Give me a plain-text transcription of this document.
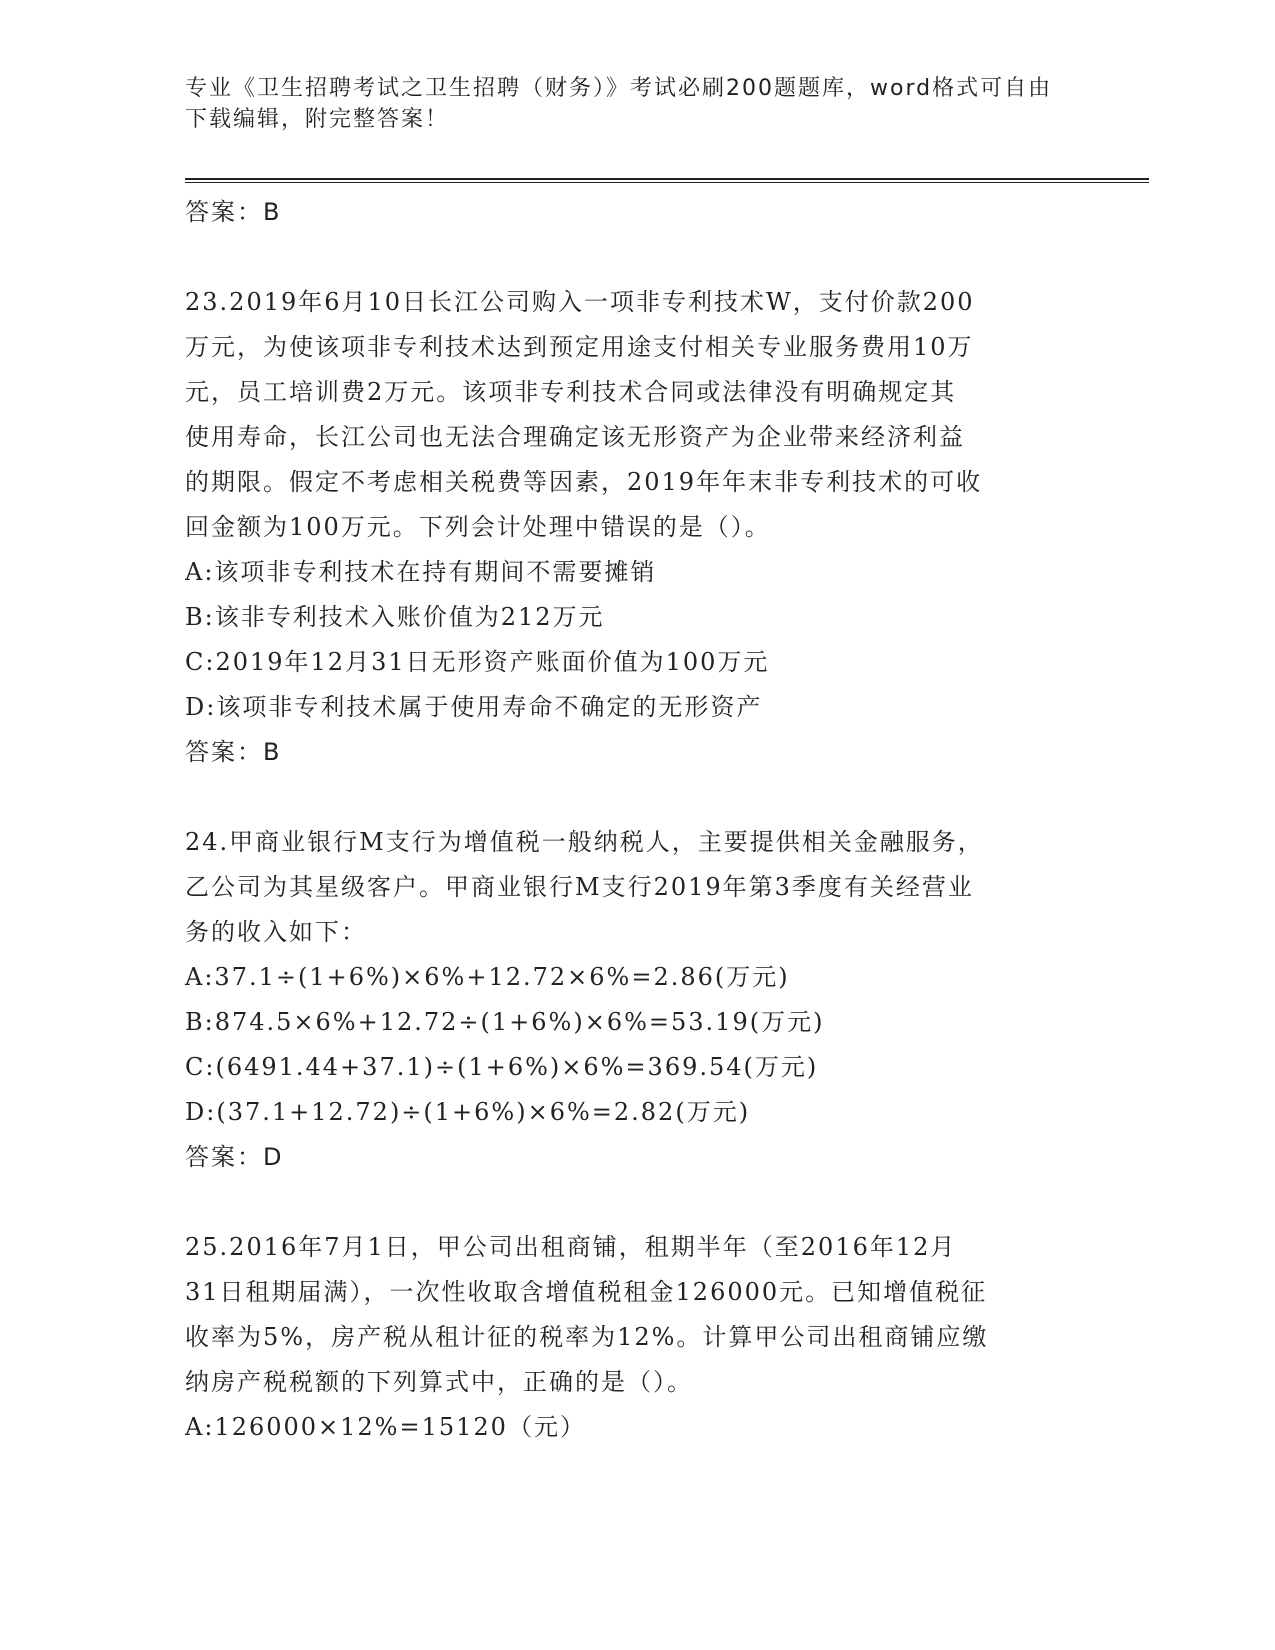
专业《卫生招聘考试之卫生招聘（财务）》考试必刷200题题库，word格式可自由下载编辑，附完整答案！
答案：B
23.2019年6月10日长江公司购入一项非专利技术W，支付价款200
万元，为使该项非专利技术达到预定用途支付相关专业服务费用10万
元，员工培训费2万元。该项非专利技术合同或法律没有明确规定其
使用寿命，长江公司也无法合理确定该无形资产为企业带来经济利益
的期限。假定不考虑相关税费等因素，2019年年末非专利技术的可收
回金额为100万元。下列会计处理中错误的是（）。
A:该项非专利技术在持有期间不需要摊销
B:该非专利技术入账价值为212万元
C:2019年12月31日无形资产账面价值为100万元
D:该项非专利技术属于使用寿命不确定的无形资产
答案：B
24.甲商业银行M支行为增值税一般纳税人，主要提供相关金融服务，
乙公司为其星级客户。甲商业银行M支行2019年第3季度有关经营业
务的收入如下：
A:37.1÷(1+6%)×6%+12.72×6%=2.86(万元)
B:874.5×6%+12.72÷(1+6%)×6%=53.19(万元)
C:(6491.44+37.1)÷(1+6%)×6%=369.54(万元)
D:(37.1+12.72)÷(1+6%)×6%=2.82(万元)
答案：D
25.2016年7月1日，甲公司出租商铺，租期半年（至2016年12月
31日租期届满），一次性收取含增值税租金126000元。已知增值税征
收率为5%，房产税从租计征的税率为12%。计算甲公司出租商铺应缴
纳房产税税额的下列算式中，正确的是（）。
A:126000×12%=15120（元）
